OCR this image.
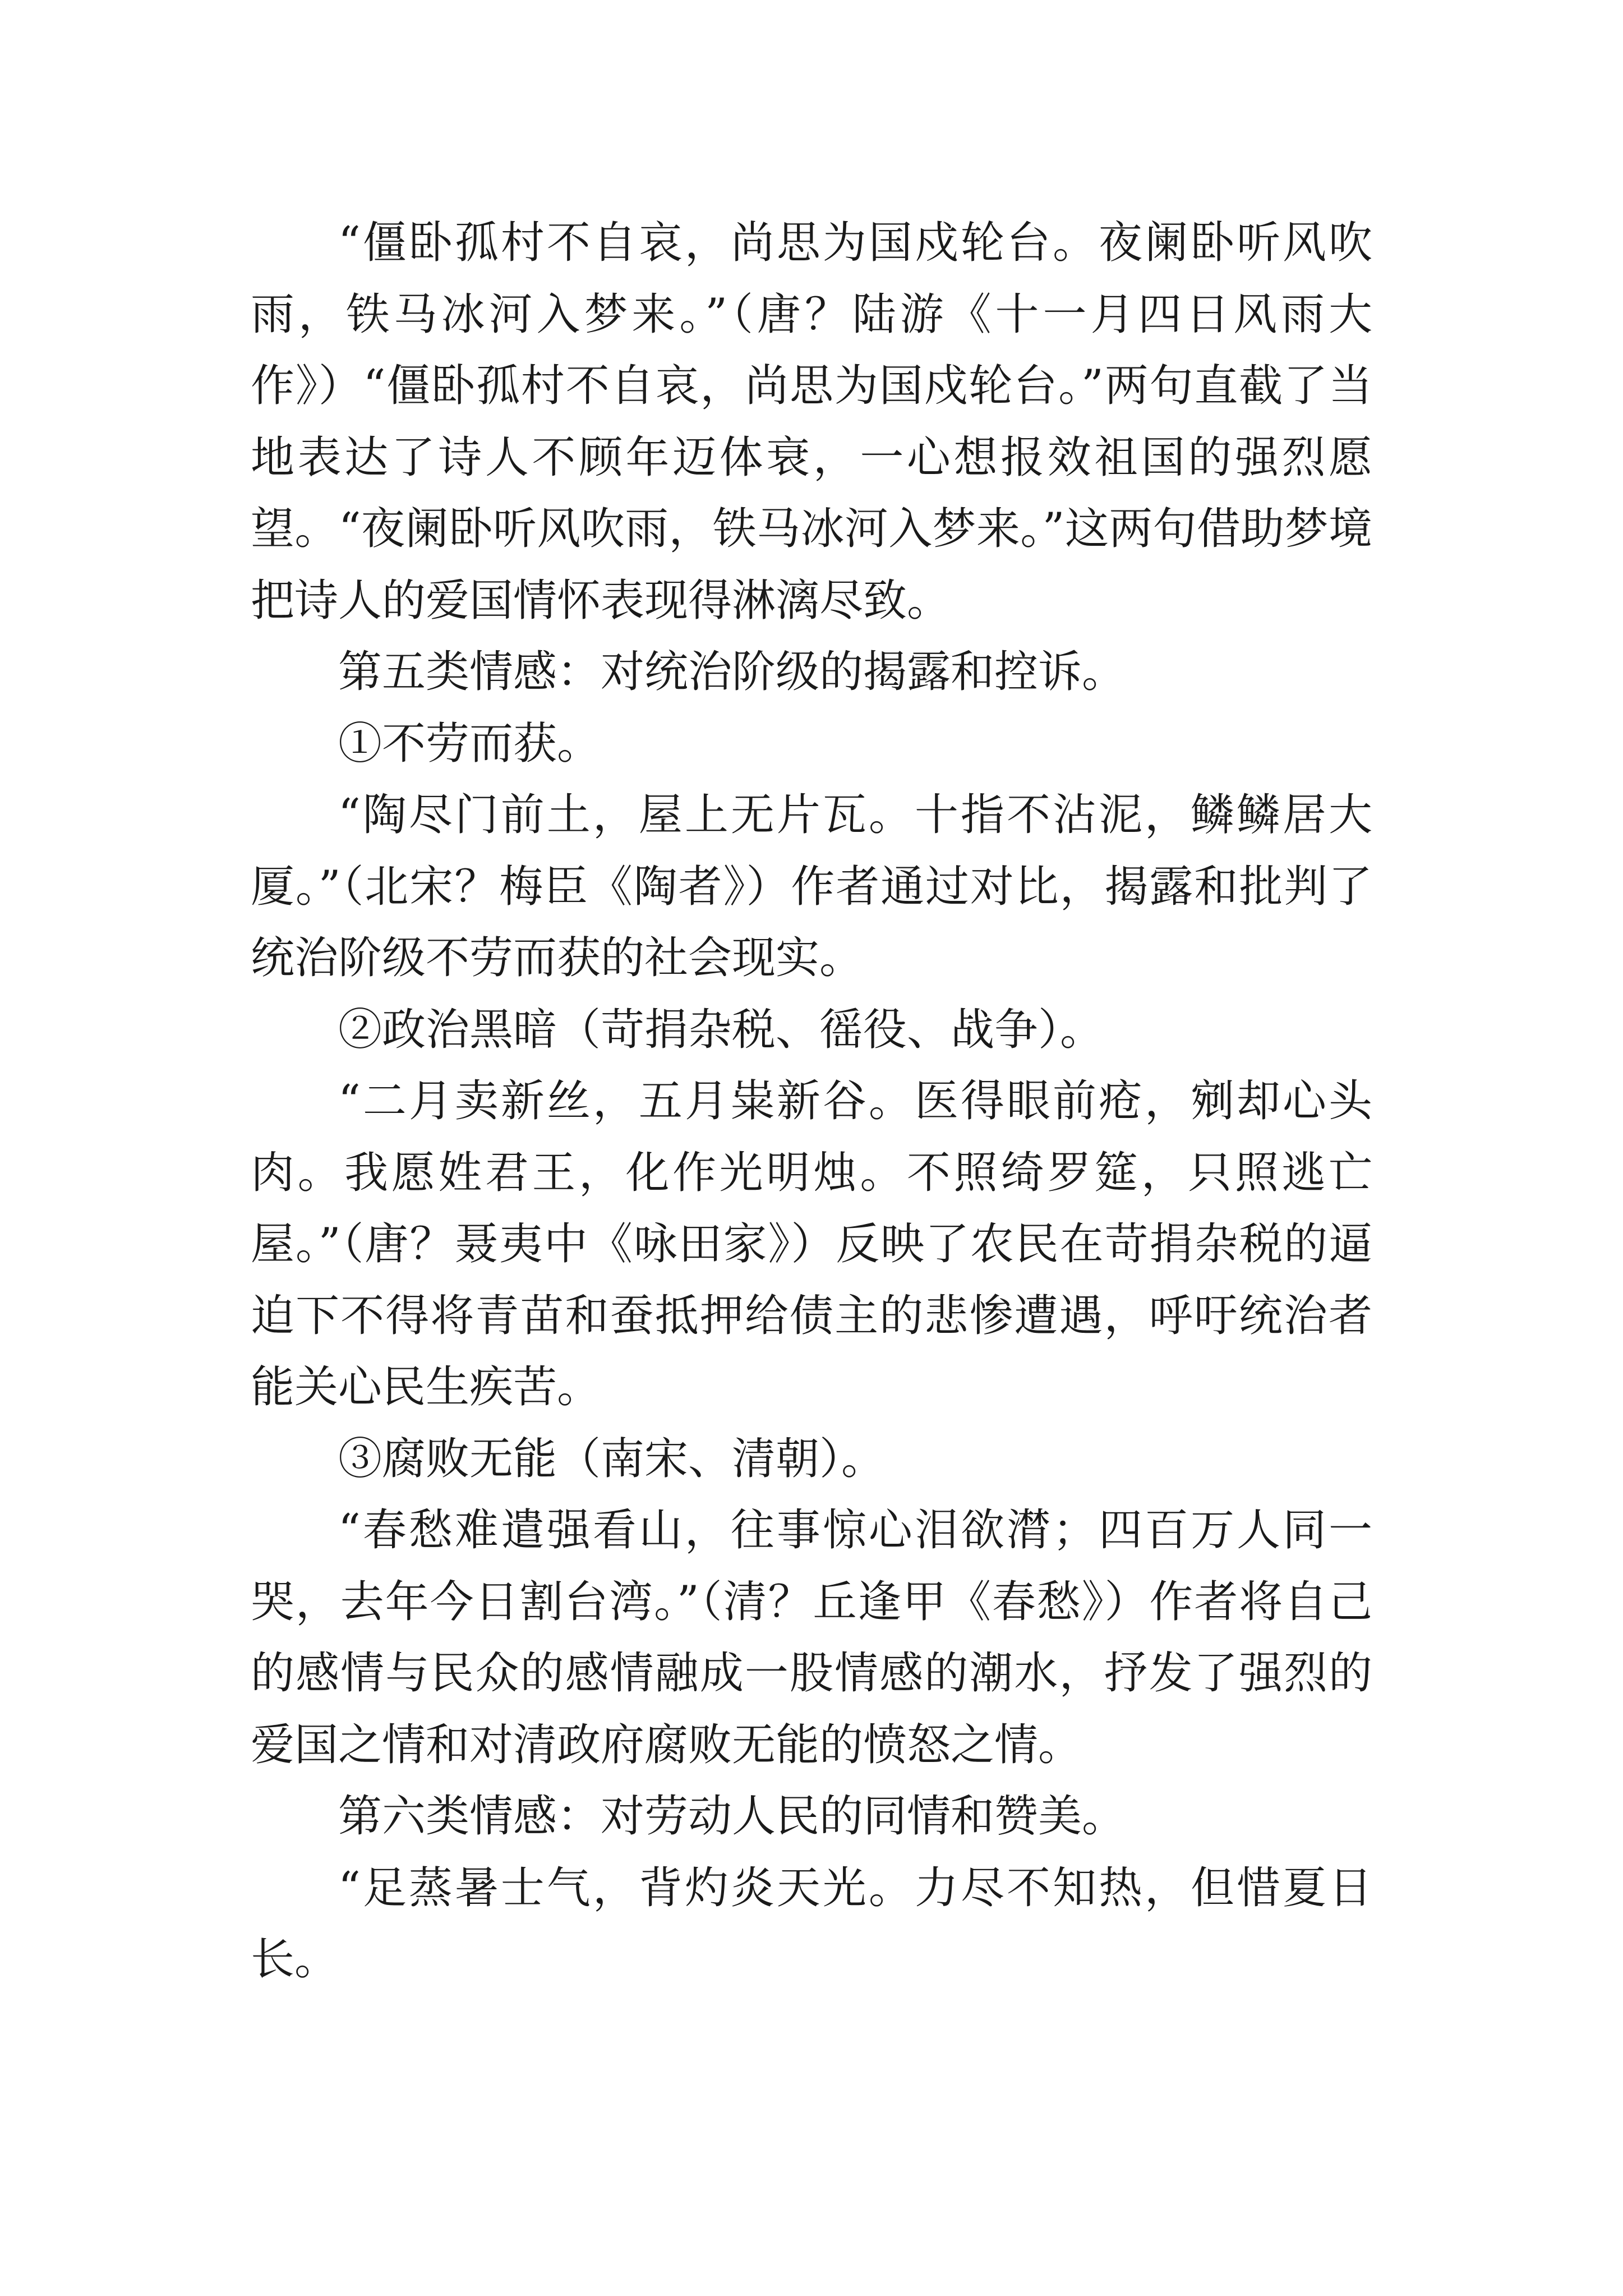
“僵卧孤村不自哀，尚思为国戍轮台。夜阑卧听风吹雨，铁马冰河入梦来。”（唐？陆游《十一月四日风雨大作》）“僵卧孤村不自哀，尚思为国戍轮台。”两句直截了当地表达了诗人不顾年迈体衰，一心想报效祖国的强烈愿望。“夜阑卧听风吹雨，铁马冰河入梦来。”这两句借助梦境把诗人的爱国情怀表现得淋漓尽致。

第五类情感：对统治阶级的揭露和控诉。

①不劳而获。

“陶尽门前土，屋上无片瓦。十指不沾泥，鳞鳞居大厦。”（北宋？梅臣《陶者》）作者通过对比，揭露和批判了统治阶级不劳而获的社会现实。

②政治黑暗（苛捐杂税、徭役、战争）。

“二月卖新丝，五月粜新谷。医得眼前疮，剜却心头肉。我愿姓君王，化作光明烛。不照绮罗筵，只照逃亡屋。”（唐？聂夷中《咏田家》）反映了农民在苛捐杂税的逼迫下不得将青苗和蚕抵押给债主的悲惨遭遇，呼吁统治者能关心民生疾苦。

③腐败无能（南宋、清朝）。

“春愁难遣强看山，往事惊心泪欲潸；四百万人同一哭，去年今日割台湾。”（清？丘逢甲《春愁》）作者将自己的感情与民众的感情融成一股情感的潮水，抒发了强烈的爱国之情和对清政府腐败无能的愤怒之情。

第六类情感：对劳动人民的同情和赞美。

“足蒸暑士气，背灼炎天光。力尽不知热，但惜夏日长。
